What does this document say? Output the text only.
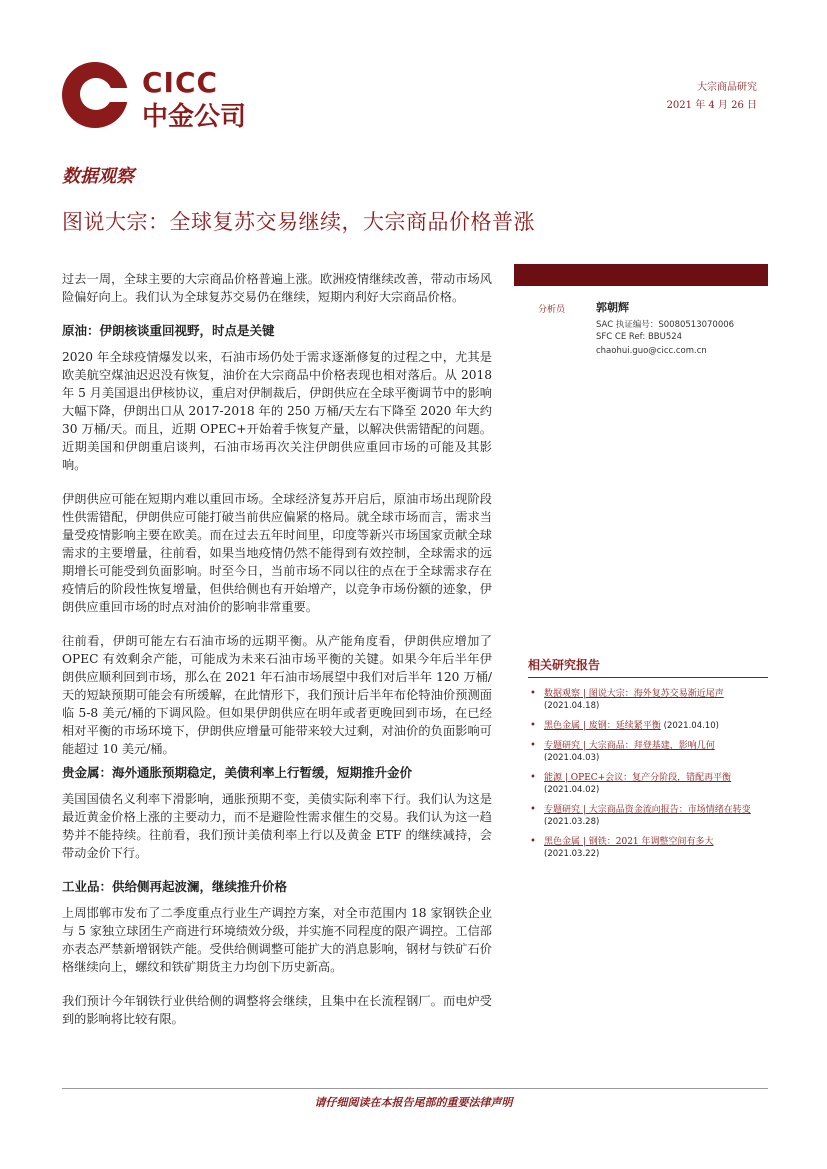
CICC
中金公司
大宗商品研究
2021 年 4 月 26 日
数据观察
图说大宗：全球复苏交易继续，大宗商品价格普涨

过去一周，全球主要的大宗商品价格普遍上涨。欧洲疫情继续改善，带动市场风险偏好向上。我们认为全球复苏交易仍在继续，短期内利好大宗商品价格。

原油：伊朗核谈重回视野，时点是关键

2020 年全球疫情爆发以来，石油市场仍处于需求逐渐修复的过程之中，尤其是欧美航空煤油迟迟没有恢复，油价在大宗商品中价格表现也相对落后。从 2018 年 5 月美国退出伊核协议，重启对伊制裁后，伊朗供应在全球平衡调节中的影响大幅下降，伊朗出口从 2017-2018 年的 250 万桶/天左右下降至 2020 年大约 30 万桶/天。而且，近期 OPEC+开始着手恢复产量，以解决供需错配的问题。近期美国和伊朗重启谈判，石油市场再次关注伊朗供应重回市场的可能及其影响。

伊朗供应可能在短期内难以重回市场。全球经济复苏开启后，原油市场出现阶段性供需错配，伊朗供应可能打破当前供应偏紧的格局。就全球市场而言，需求当量受疫情影响主要在欧美。而在过去五年时间里，印度等新兴市场国家贡献全球需求的主要增量，往前看，如果当地疫情仍然不能得到有效控制，全球需求的远期增长可能受到负面影响。时至今日，当前市场不同以往的点在于全球需求存在疫情后的阶段性恢复增量，但供给侧也有开始增产，以竞争市场份额的迹象，伊朗供应重回市场的时点对油价的影响非常重要。

往前看，伊朗可能左右石油市场的远期平衡。从产能角度看，伊朗供应增加了 OPEC 有效剩余产能，可能成为未来石油市场平衡的关键。如果今年后半年伊朗供应顺利回到市场，那么在 2021 年石油市场展望中我们对后半年 120 万桶/天的短缺预期可能会有所缓解，在此情形下，我们预计后半年布伦特油价预测面临 5-8 美元/桶的下调风险。但如果伊朗供应在明年或者更晚回到市场，在已经相对平衡的市场环境下，伊朗供应增量可能带来较大过剩，对油价的负面影响可能超过 10 美元/桶。

贵金属：海外通胀预期稳定，美债利率上行暂缓，短期推升金价

美国国债名义利率下滑影响，通胀预期不变，美债实际利率下行。我们认为这是最近黄金价格上涨的主要动力，而不是避险性需求催生的交易。我们认为这一趋势并不能持续。往前看，我们预计美债利率上行以及黄金 ETF 的继续减持，会带动金价下行。

工业品：供给侧再起波澜，继续推升价格

上周邯郸市发布了二季度重点行业生产调控方案，对全市范围内 18 家钢铁企业与 5 家独立球团生产商进行环境绩效分级，并实施不同程度的限产调控。工信部亦表态严禁新增钢铁产能。受供给侧调整可能扩大的消息影响，钢材与铁矿石价格继续向上，螺纹和铁矿期货主力均创下历史新高。

我们预计今年钢铁行业供给侧的调整将会继续，且集中在长流程钢厂。而电炉受到的影响将比较有限。

分析员	郭朝辉
SAC 执证编号：S0080513070006
SFC CE Ref: BBU524
chaohui.guo@cicc.com.cn
相关研究报告
• 数据观察 | 图说大宗：海外复苏交易渐近尾声
(2021.04.18)
• 黑色金属 | 废钢：延续紧平衡 (2021.04.10)
• 专题研究 | 大宗商品：拜登基建，影响几何
(2021.04.03)
• 能源 | OPEC+会议：复产分阶段，错配再平衡
(2021.04.02)
• 专题研究 | 大宗商品资金流向报告：市场情绪在转变
(2021.03.28)
• 黑色金属 | 钢铁：2021 年调整空间有多大
(2021.03.22)
请仔细阅读在本报告尾部的重要法律声明
